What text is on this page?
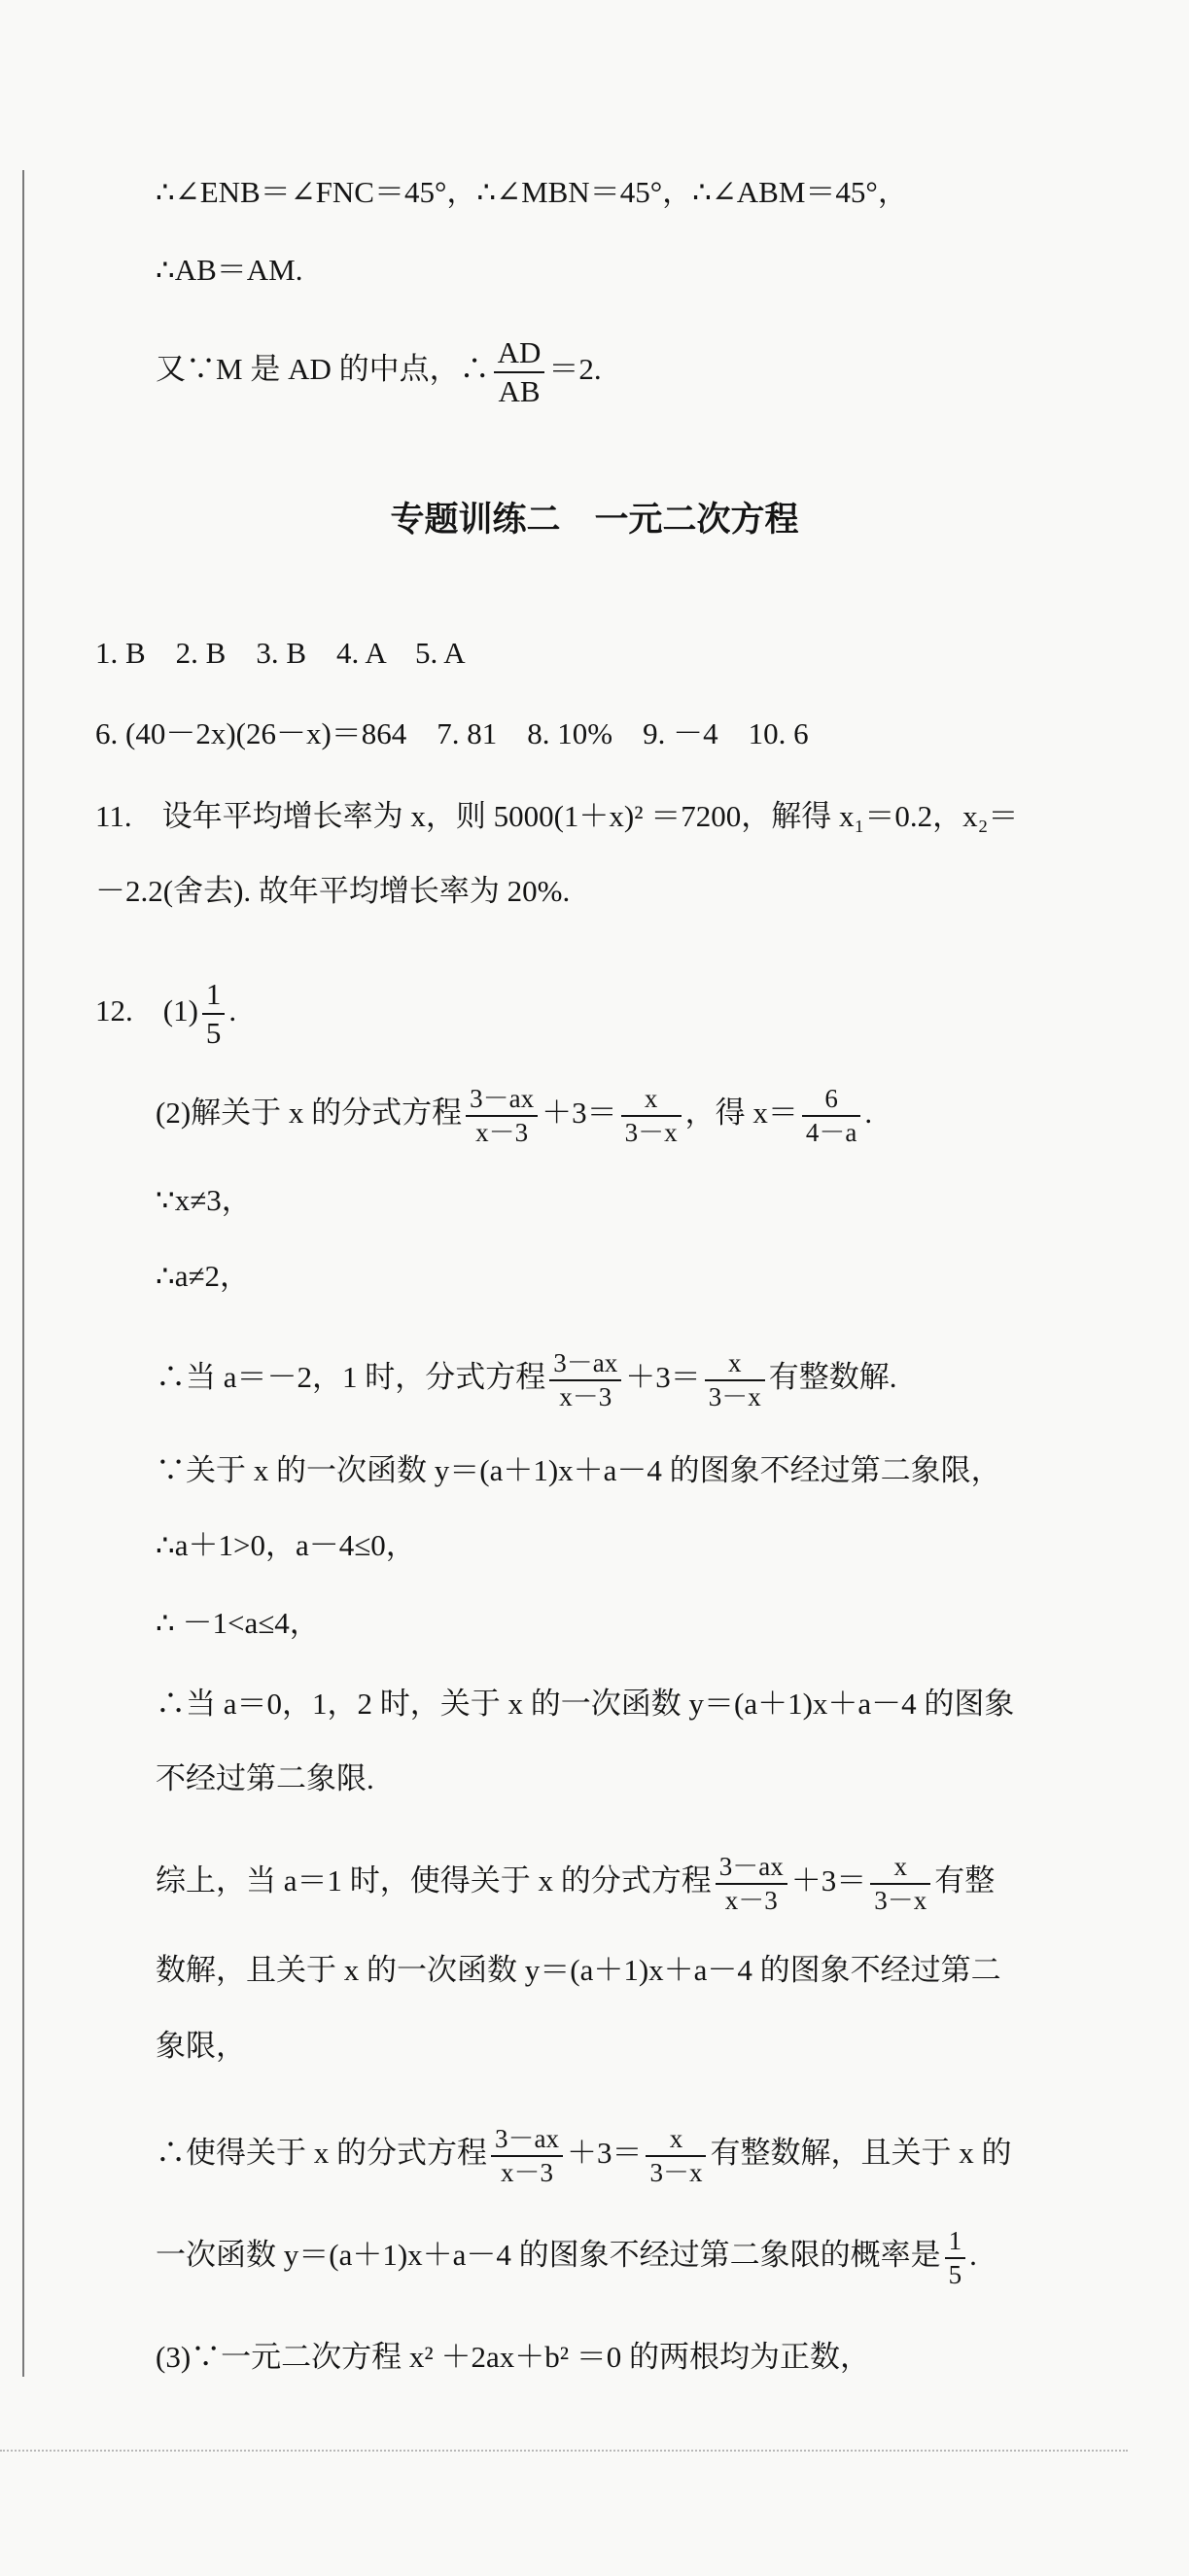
∴∠ENB＝∠FNC＝45°，∴∠MBN＝45°，∴∠ABM＝45°，
∴AB＝AM.
又∵M 是 AD 的中点，∴ $\frac{AD}{AB} =2$.
专题训练二　一元二次方程
1. B　2. B　3. B　4. A　5. A
6. (40－2x)(26－x)＝864　7. 81　8. 10%　9. －4　10. 6
11.　设年平均增长率为 x，则 5000(1＋x)² ＝7200，解得 x₁＝0.2，x₂＝
－2.2(舍去). 故年平均增长率为 20%.
12.　$(1) \frac{1}{5}$ .
(2)解关于 x 的分式方程 $\frac{3-ax}{x-3} +3= \frac{x}{3-x}$ ，得 $x= \frac{6}{4-a}$ .
∵x≠3，
∴a≠2，
∴当 a＝－2，1 时，分式方程 $\frac{3-ax}{x-3} +3= \frac{x}{3-x}$ 有整数解.
∵关于 x 的一次函数 y＝(a＋1)x＋a－4 的图象不经过第二象限，
∴a＋1>0，a－4≤0，
∴ －1<a≤4，
∴当 a＝0，1，2 时，关于 x 的一次函数 y＝(a＋1)x＋a－4 的图象
不经过第二象限.
综上，当 a＝1 时，使得关于 x 的分式方程 $\frac{3-ax}{x-3} +3= \frac{x}{3-x}$ 有整
数解，且关于 x 的一次函数 y＝(a＋1)x＋a－4 的图象不经过第二
象限，
∴使得关于 x 的分式方程 $\frac{3-ax}{x-3} +3= \frac{x}{3-x}$ 有整数解，且关于 x 的
一次函数 y＝(a＋1)x＋a－4 的图象不经过第二象限的概率是 $\frac{1}{5}$ .
(3)∵一元二次方程 x² ＋2ax＋b² ＝0 的两根均为正数，
